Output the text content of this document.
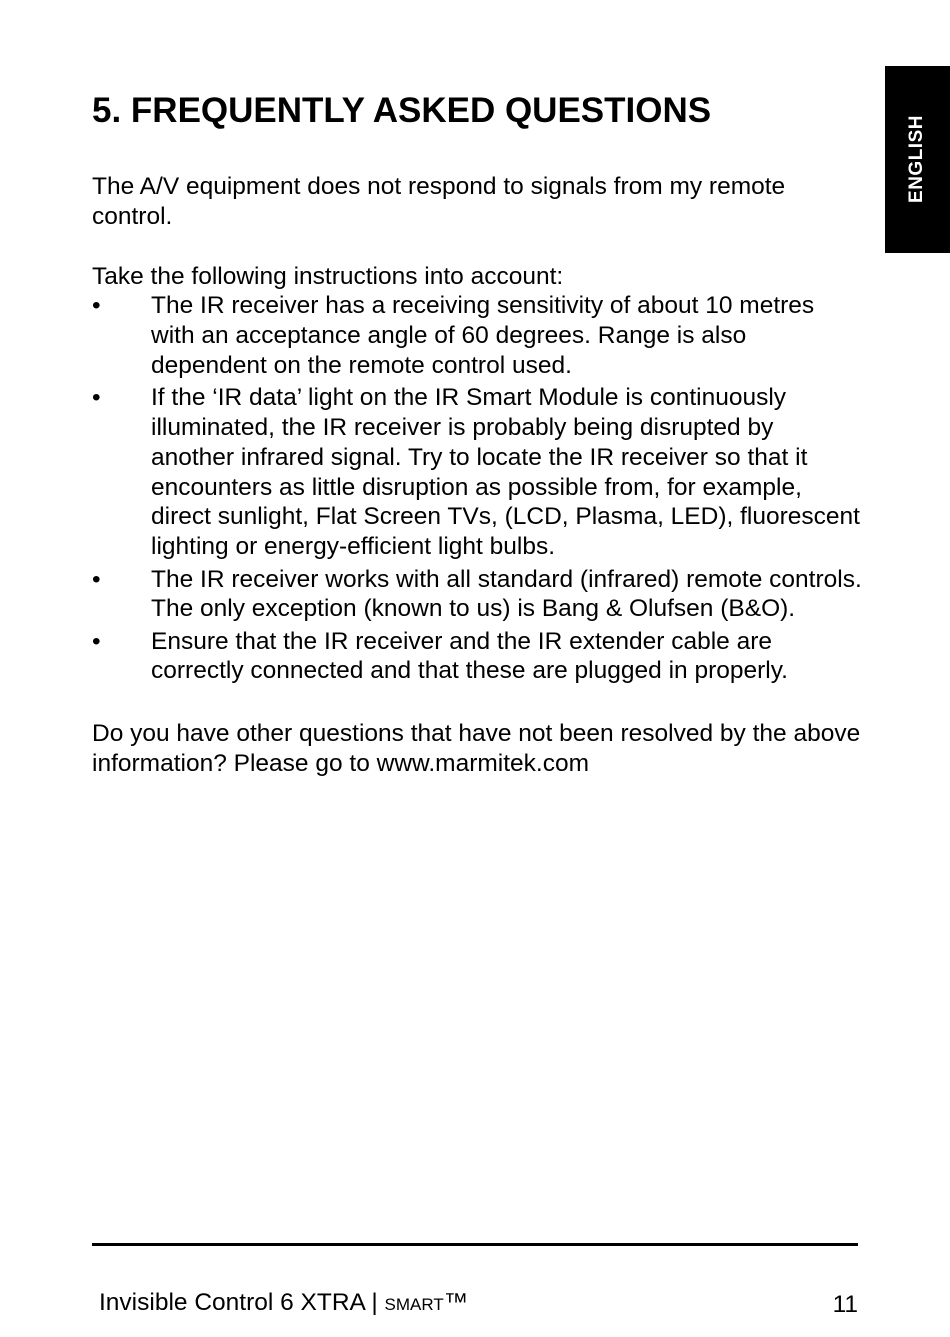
ENGLISH
5. FREQUENTLY ASKED QUESTIONS

The A/V equipment does not respond to signals from my remote control.

Take the following instructions into account:

• The IR receiver has a receiving sensitivity of about 10 metres with an acceptance angle of 60 degrees. Range is also dependent on the remote control used.
• If the ‘IR data’ light on the IR Smart Module is continuously illuminated, the IR receiver is probably being disrupted by another infrared signal. Try to locate the IR receiver so that it encounters as little disruption as possible from, for example, direct sunlight, Flat Screen TVs, (LCD, Plasma, LED), fluorescent lighting or energy-efficient light bulbs.
• The IR receiver works with all standard (infrared) remote controls. The only exception (known to us) is Bang & Olufsen (B&O).
• Ensure that the IR receiver and the IR extender cable are correctly connected and that these are plugged in properly.

Do you have other questions that have not been resolved by the above information? Please go to www.marmitek.com

Invisible Control 6 XTRA | SMART™	11
